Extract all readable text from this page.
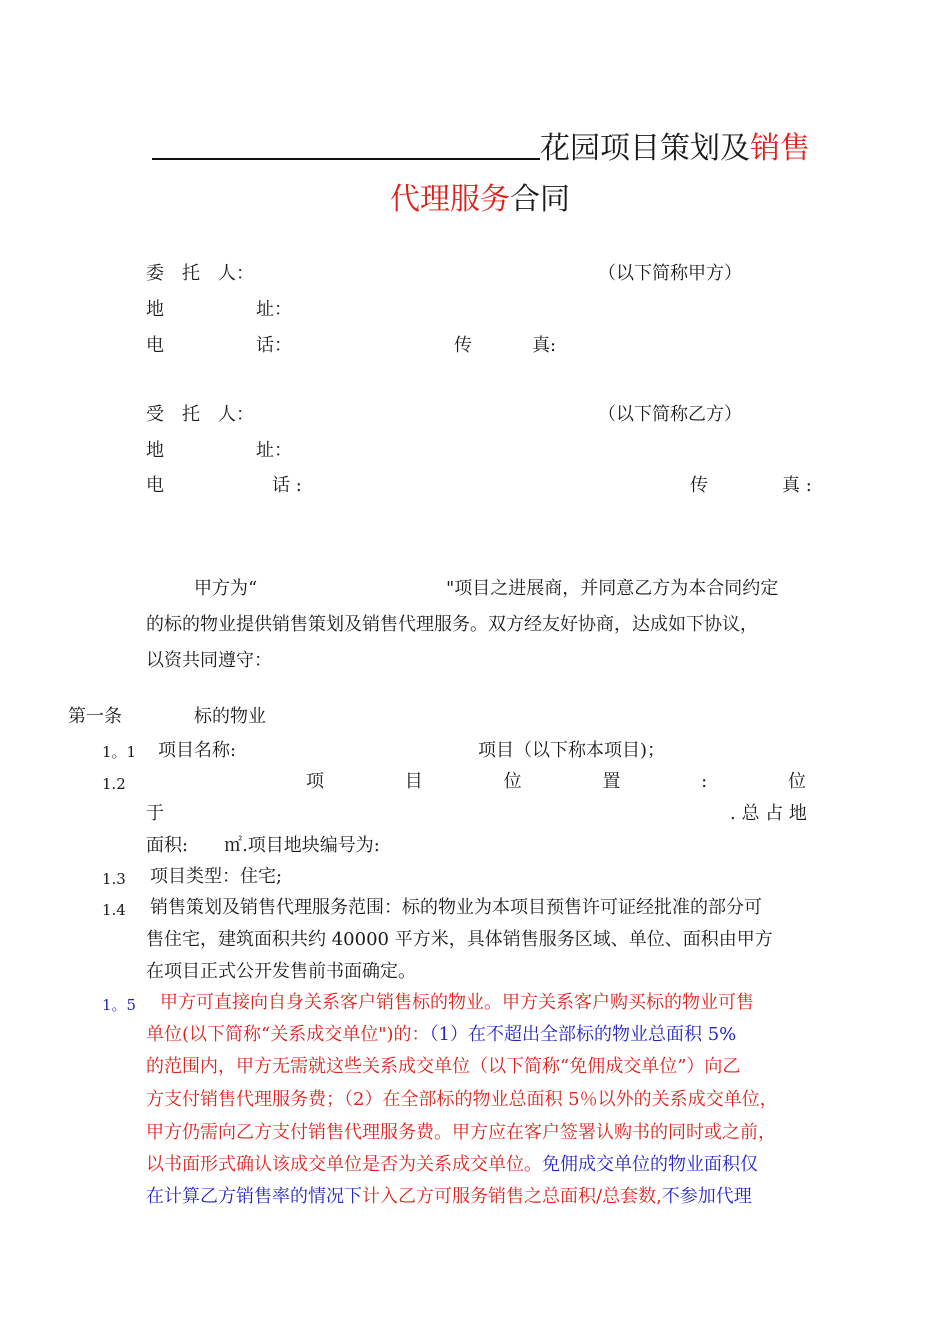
花园项目策划及销售
代理服务合同
委　托　人：	（以下简称甲方）
地	址：
电	话：	传	真:
受　托　人：	（以下简称乙方）
地	址：
电	话 :	传	真 :
甲方为“	"项目之进展商，并同意乙方为本合同约定
的标的物业提供销售策划及销售代理服务。双方经友好协商，达成如下协议，
以资共同遵守：
第一条	标的物业
1。1 项目名称:	项目（以下称本项目)；
1.2	项	目	位	置	:	位
于	. 总 占 地
面积:　　㎡.项目地块编号为:
1.3 项目类型：住宅;
1.4 销售策划及销售代理服务范围：标的物业为本项目预售许可证经批准的部分可
售住宅，建筑面积共约 40000 平方米，具体销售服务区域、单位、面积由甲方
在项目正式公开发售前书面确定。
1。5 甲方可直接向自身关系客户销售标的物业。甲方关系客户购买标的物业可售
单位(以下简称“关系成交单位")的：（1）在不超出全部标的物业总面积 5%
的范围内，甲方无需就这些关系成交单位（以下简称“免佣成交单位”）向乙
方支付销售代理服务费；（2）在全部标的物业总面积 5％以外的关系成交单位，
甲方仍需向乙方支付销售代理服务费。甲方应在客户签署认购书的同时或之前，
以书面形式确认该成交单位是否为关系成交单位。免佣成交单位的物业面积仅
在计算乙方销售率的情况下计入乙方可服务销售之总面积/总套数,不参加代理
